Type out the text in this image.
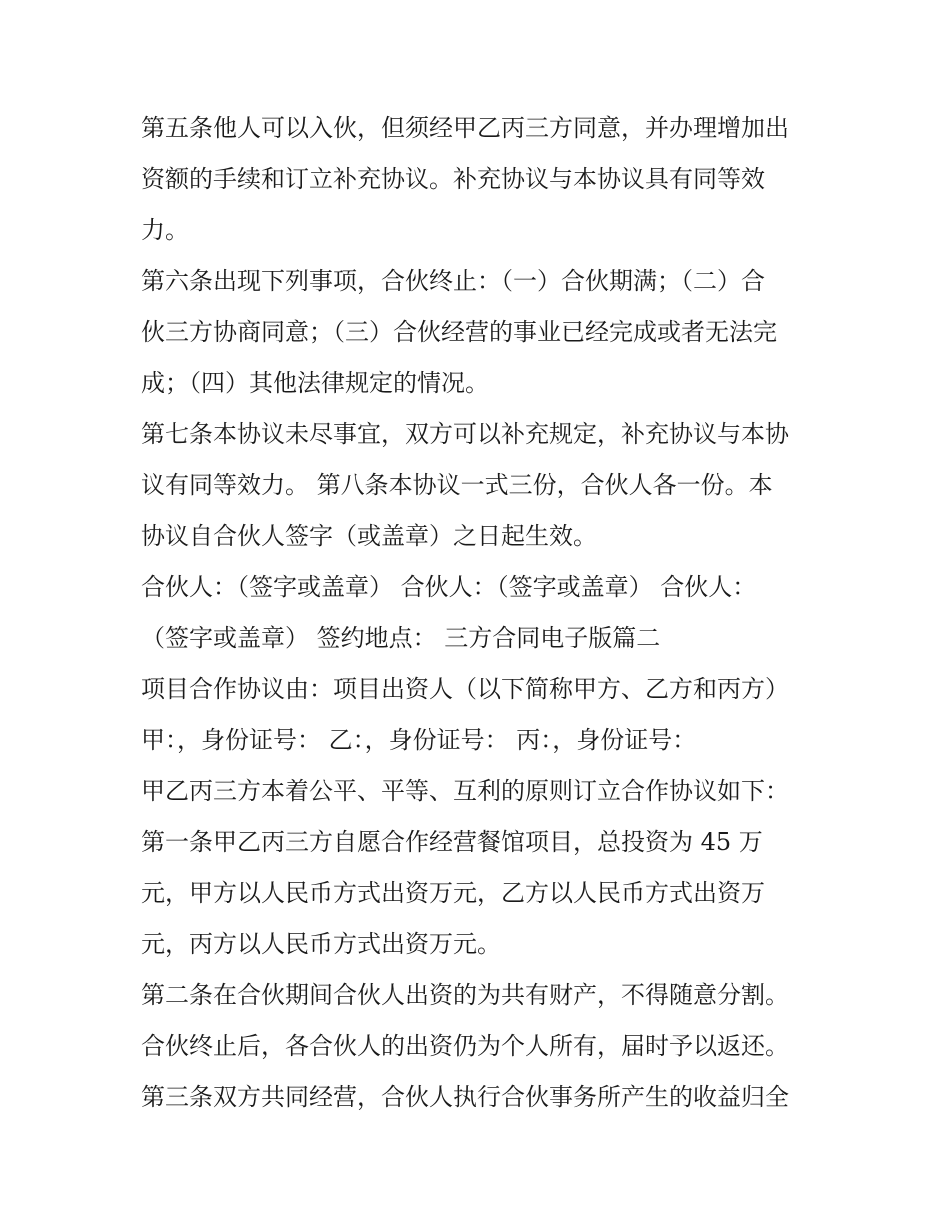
第五条他人可以入伙，但须经甲乙丙三方同意，并办理增加出
资额的手续和订立补充协议。补充协议与本协议具有同等效
力。
第六条出现下列事项，合伙终止：（一）合伙期满；（二）合
伙三方协商同意；（三）合伙经营的事业已经完成或者无法完
成；（四）其他法律规定的情况。
第七条本协议未尽事宜，双方可以补充规定，补充协议与本协
议有同等效力。 第八条本协议一式三份，合伙人各一份。本
协议自合伙人签字（或盖章）之日起生效。
合伙人：（签字或盖章） 合伙人：（签字或盖章） 合伙人：
（签字或盖章） 签约地点： 三方合同电子版篇二
项目合作协议由：项目出资人（以下简称甲方、乙方和丙方）
甲：，身份证号： 乙：，身份证号： 丙：，身份证号：
甲乙丙三方本着公平、平等、互利的原则订立合作协议如下：
第一条甲乙丙三方自愿合作经营餐馆项目，总投资为 45 万
元，甲方以人民币方式出资万元，乙方以人民币方式出资万
元，丙方以人民币方式出资万元。
第二条在合伙期间合伙人出资的为共有财产，不得随意分割。
合伙终止后，各合伙人的出资仍为个人所有，届时予以返还。
第三条双方共同经营，合伙人执行合伙事务所产生的收益归全
